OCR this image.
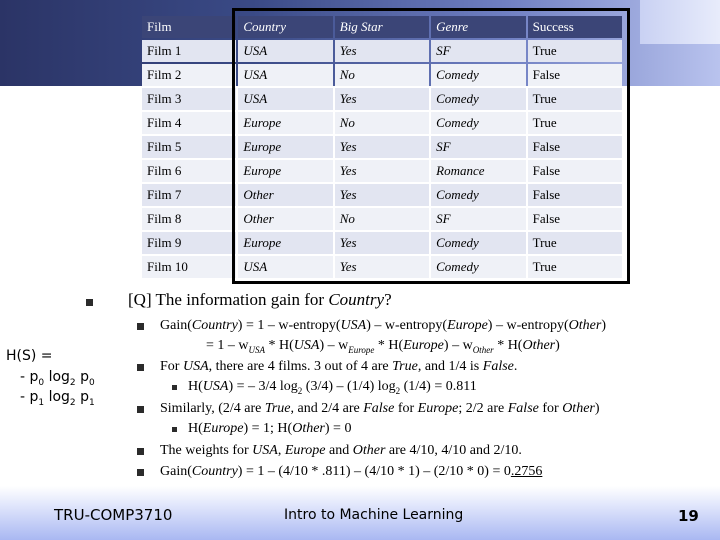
Film	Country	Big Star	Genre	Success
Film 1	USA	Yes	SF	True
Film 2	USA	No	Comedy	False
Film 3	USA	Yes	Comedy	True
Film 4	Europe	No	Comedy	True
Film 5	Europe	Yes	SF	False
Film 6	Europe	Yes	Romance	False
Film 7	Other	Yes	Comedy	False
Film 8	Other	No	SF	False
Film 9	Europe	Yes	Comedy	True
Film 10	USA	Yes	Comedy	True
[Q] The information gain for Country?
Gain(Country) = 1 – w-entropy(USA) – w-entropy(Europe) – w-entropy(Other)
= $1 - w_{USA} * H(USA) - w_{Europe}$ * H(Europe) – $w_{Other}$ * H(Other)
For USA, there are 4 films. 3 out of 4 are True, and 1/4 is False.
H(USA) = – 3/4 $\log_2 (3/4) - (1/4)$ $\log_2 (1/4) = 0.811$
Similarly, (2/4 are True, and 2/4 are False for Europe; 2/2 are False for Other)
H(Europe) = 1; H(Other) = 0
The weights for USA, Europe and Other are 4/10, 4/10 and 2/10.
Gain(Country) = 1 – (4/10 * .811) – (4/10 * 1) – (2/10 * 0) = 0.2756
H(S) =
- $p_0$ $\log_2 p_0$
- $p_1$ $\log_2 p_1$
TRU-COMP3710	Intro to Machine Learning	19
